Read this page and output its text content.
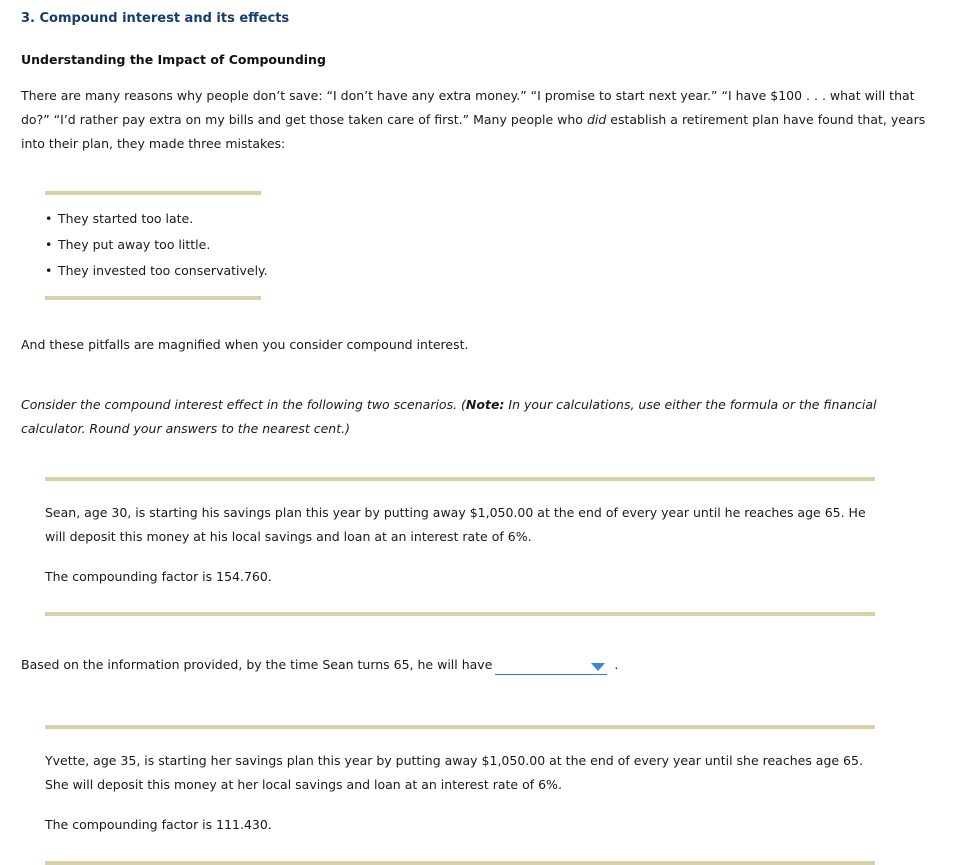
3. Compound interest and its effects
Understanding the Impact of Compounding

There are many reasons why people don’t save: “I don’t have any extra money.” “I promise to start next year.” “I have $100 . . . what will that do?” “I’d rather pay extra on my bills and get those taken care of first.” Many people who did establish a retirement plan have found that, years into their plan, they made three mistakes:

• They started too late.
• They put away too little.
• They invested too conservatively.

And these pitfalls are magnified when you consider compound interest.

Consider the compound interest effect in the following two scenarios. (Note: In your calculations, use either the formula or the financial calculator. Round your answers to the nearest cent.)

Sean, age 30, is starting his savings plan this year by putting away $1,050.00 at the end of every year until he reaches age 65. He will deposit this money at his local savings and loan at an interest rate of 6%.

The compounding factor is 154.760.

Based on the information provided, by the time Sean turns 65, he will have	.

Yvette, age 35, is starting her savings plan this year by putting away $1,050.00 at the end of every year until she reaches age 65. She will deposit this money at her local savings and loan at an interest rate of 6%.

The compounding factor is 111.430.
